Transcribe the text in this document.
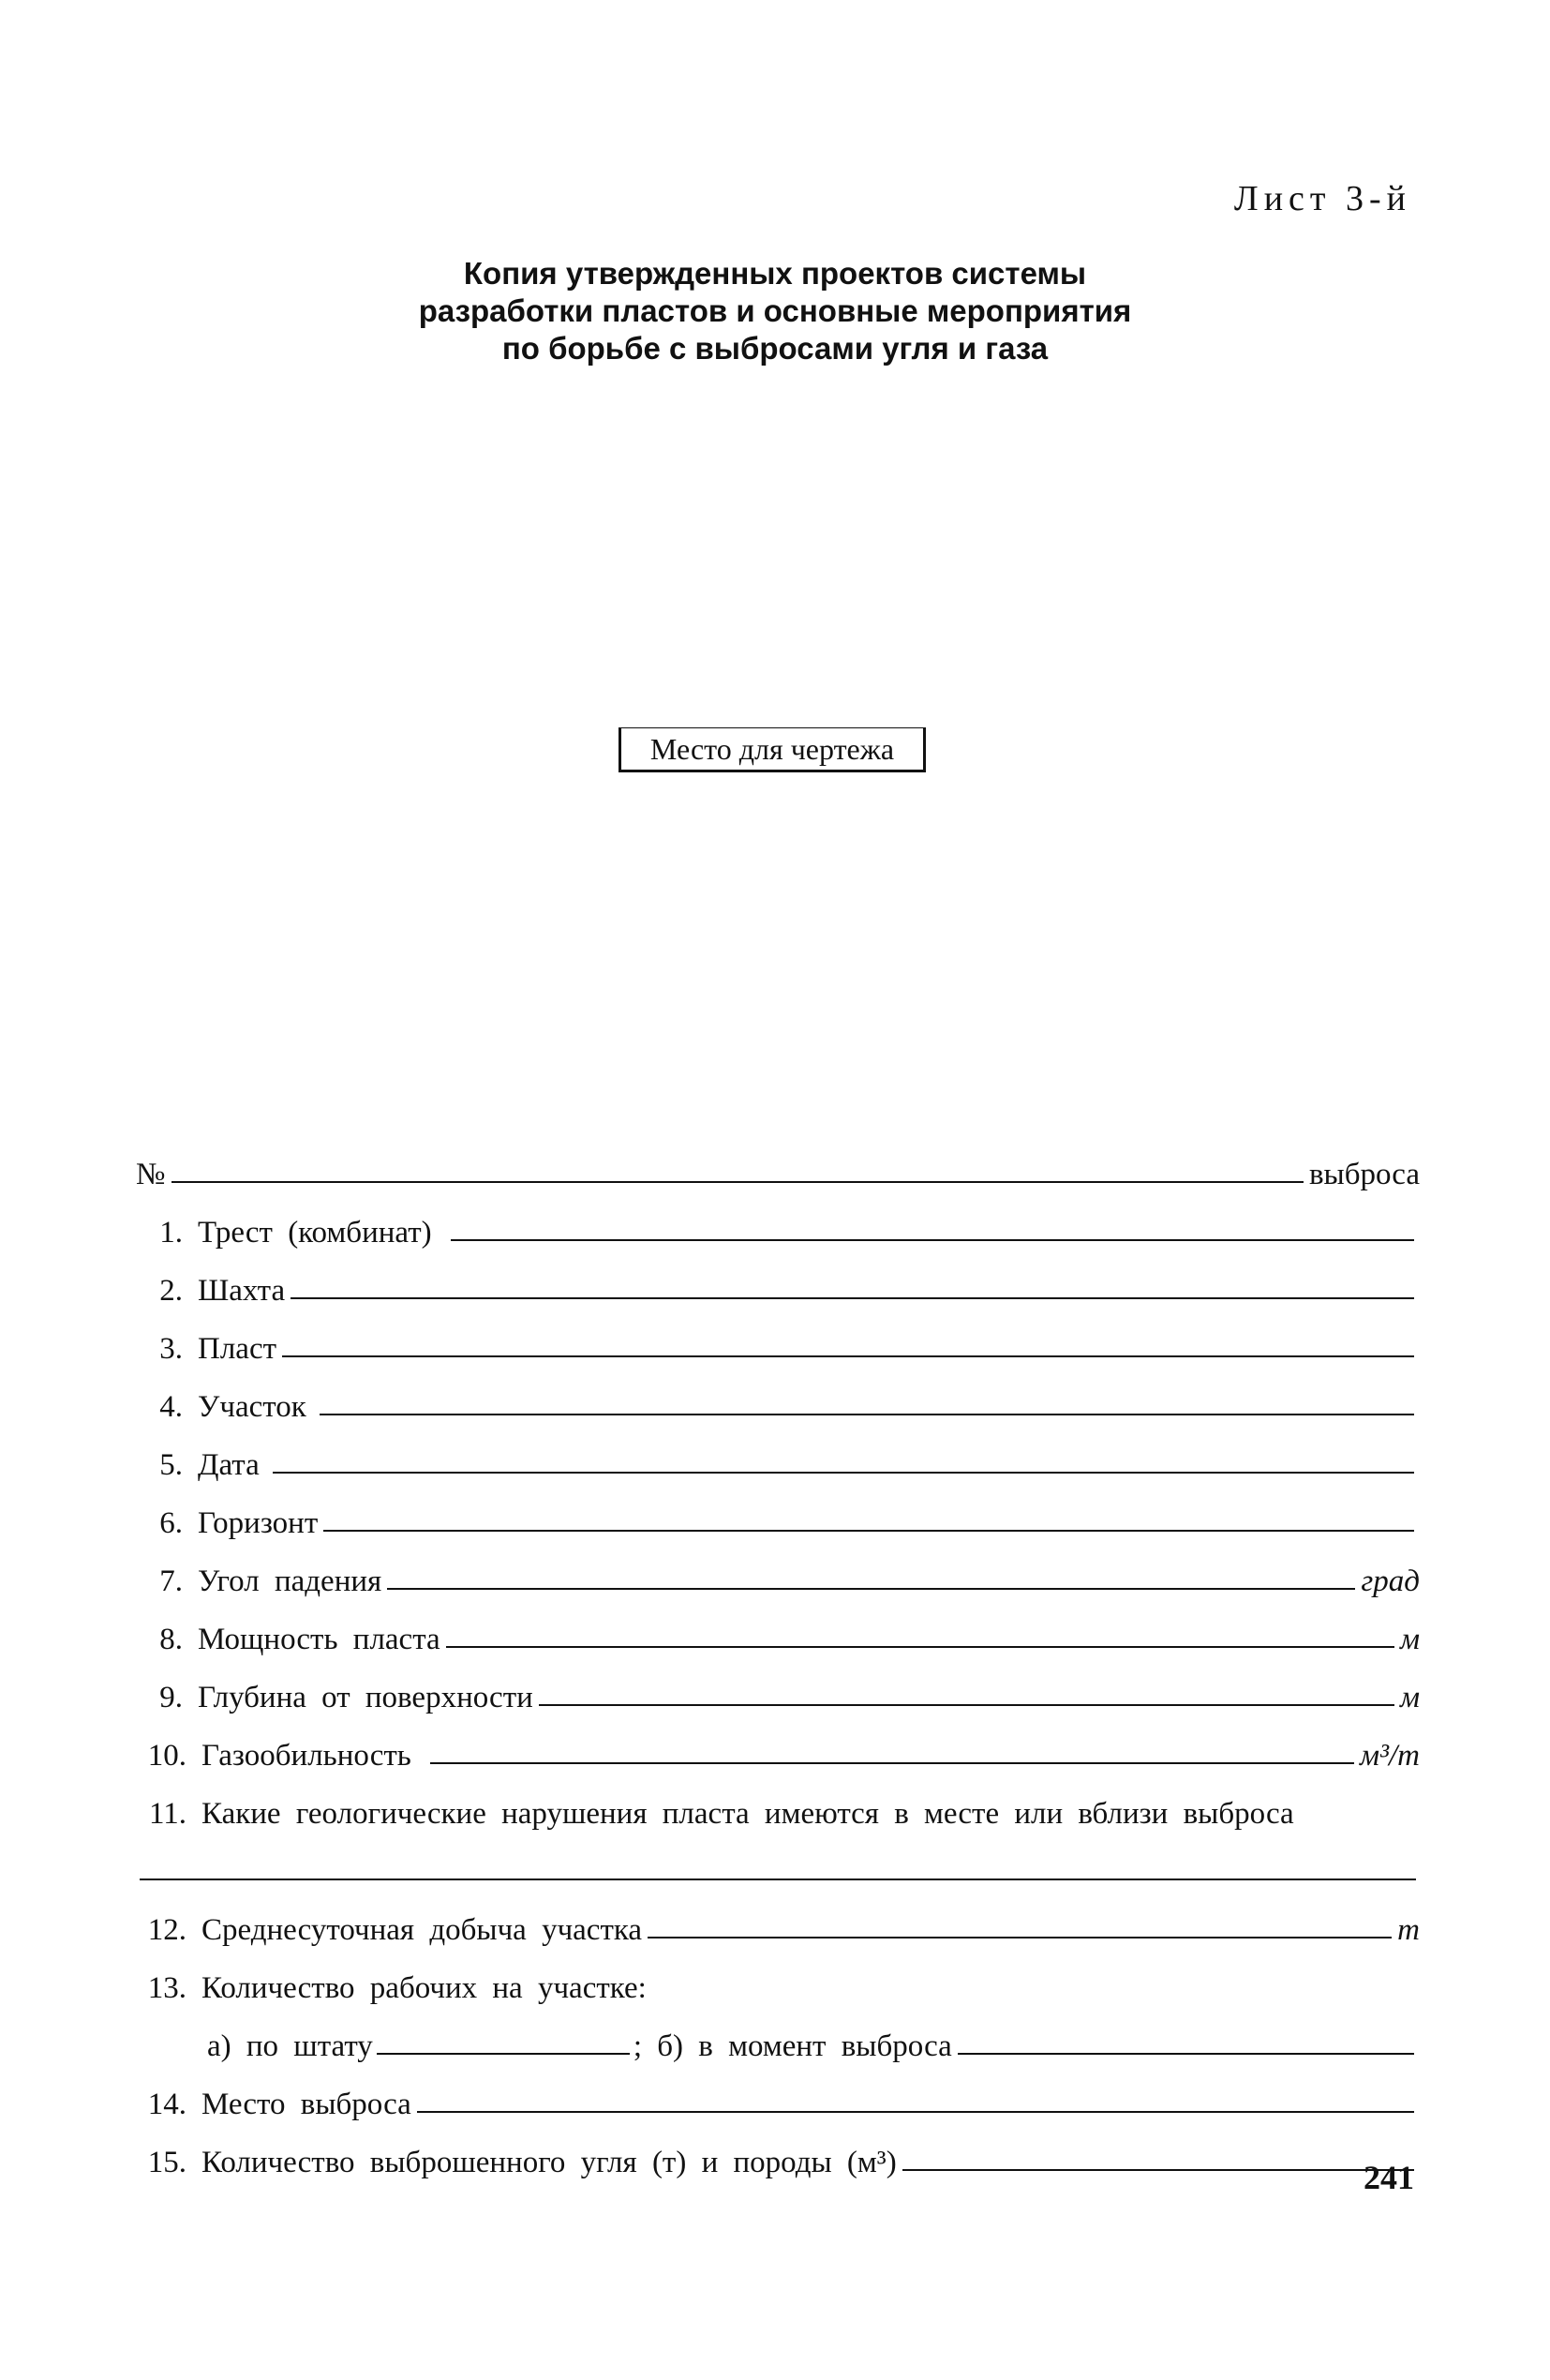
Лист 3-й
Копия утвержденных проектов системы
разработки пластов и основные мероприятия
по борьбе с выбросами угля и газа
Место для чертежа
№	выброса
1. Трест (комбинат)
2. Шахта
3. Пласт
4. Участок
5. Дата
6. Горизонт
7. Угол падения	град
8. Мощность пласта	м
9. Глубина от поверхности	м
10. Газообильность	м³/т
11. Какие геологические нарушения пласта имеются в месте или вблизи выброса
12. Среднесуточная добыча участка	т
13. Количество рабочих на участке:
а) по штату	; б) в момент выброса
14. Место выброса
15. Количество выброшенного угля (т) и породы (м³)	241
